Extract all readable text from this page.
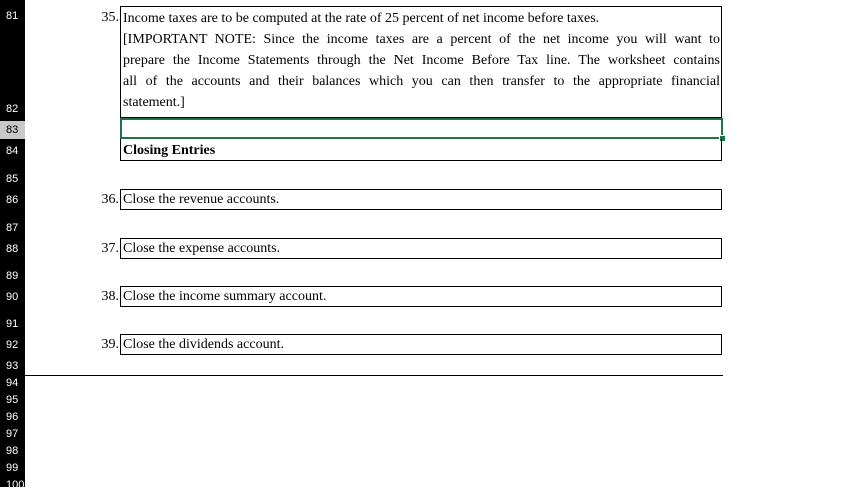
81
82
83
84
85
86
87
88
89
90
91
92
93
94
95
96
97
98
99
100
35. Income taxes are to be computed at the rate of 25 percent of net income before taxes.
[IMPORTANT NOTE: Since the income taxes are a percent of the net income you will want to
prepare the Income Statements through the Net Income Before Tax line. The worksheet contains
all of the accounts and their balances which you can then transfer to the appropriate financial
statement.]
Closing Entries
36. Close the revenue accounts.
37. Close the expense accounts.
38. Close the income summary account.
39. Close the dividends account.
